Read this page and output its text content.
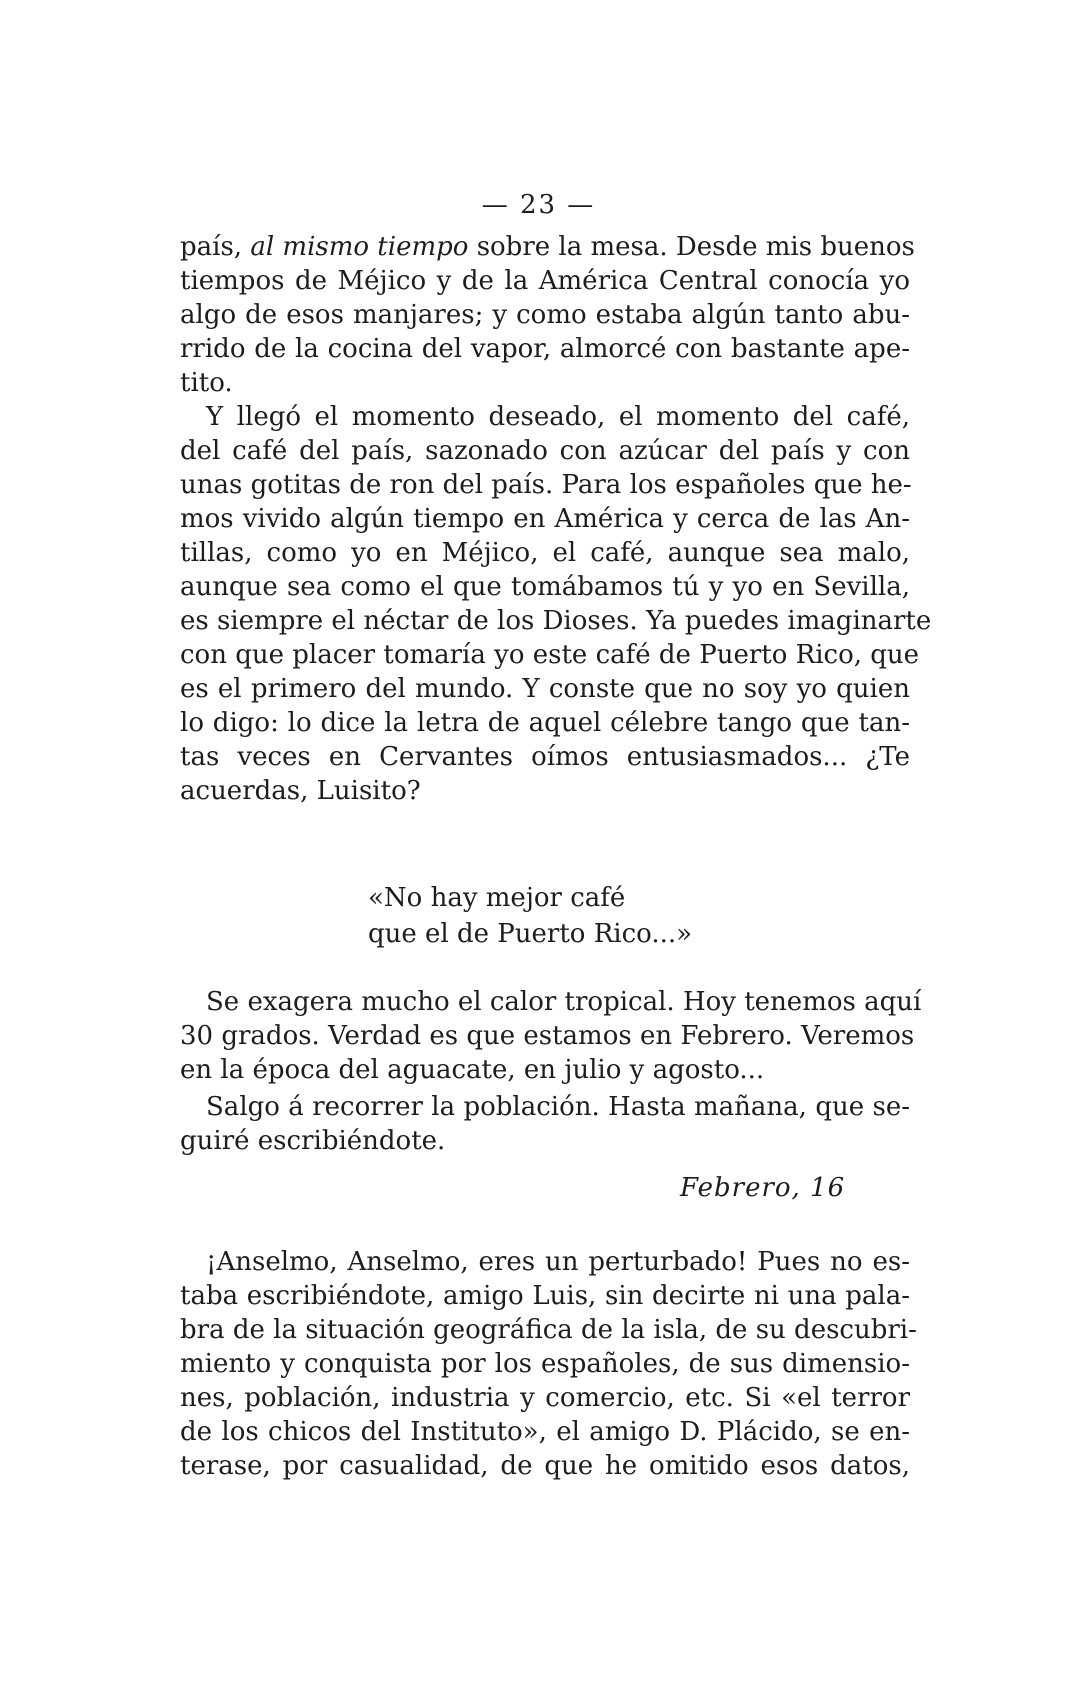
— 23 —
país, al mismo tiempo sobre la mesa. Desde mis buenos
tiempos de Méjico y de la América Central conocía yo
algo de esos manjares; y como estaba algún tanto abu-
rrido de la cocina del vapor, almorcé con bastante ape-
tito.
Y llegó el momento deseado, el momento del café,
del café del país, sazonado con azúcar del país y con
unas gotitas de ron del país. Para los españoles que he-
mos vivido algún tiempo en América y cerca de las An-
tillas, como yo en Méjico, el café, aunque sea malo,
aunque sea como el que tomábamos tú y yo en Sevilla,
es siempre el néctar de los Dioses. Ya puedes imaginarte
con que placer tomaría yo este café de Puerto Rico, que
es el primero del mundo. Y conste que no soy yo quien
lo digo: lo dice la letra de aquel célebre tango que tan-
tas veces en Cervantes oímos entusiasmados... ¿Te
acuerdas, Luisito?
«No hay mejor café
que el de Puerto Rico...»
Se exagera mucho el calor tropical. Hoy tenemos aquí
30 grados. Verdad es que estamos en Febrero. Veremos
en la época del aguacate, en julio y agosto...
Salgo á recorrer la población. Hasta mañana, que se-
guiré escribiéndote.
Febrero, 16
¡Anselmo, Anselmo, eres un perturbado! Pues no es-
taba escribiéndote, amigo Luis, sin decirte ni una pala-
bra de la situación geográfica de la isla, de su descubri-
miento y conquista por los españoles, de sus dimensio-
nes, población, industria y comercio, etc. Si «el terror
de los chicos del Instituto», el amigo D. Plácido, se en-
terase, por casualidad, de que he omitido esos datos,
